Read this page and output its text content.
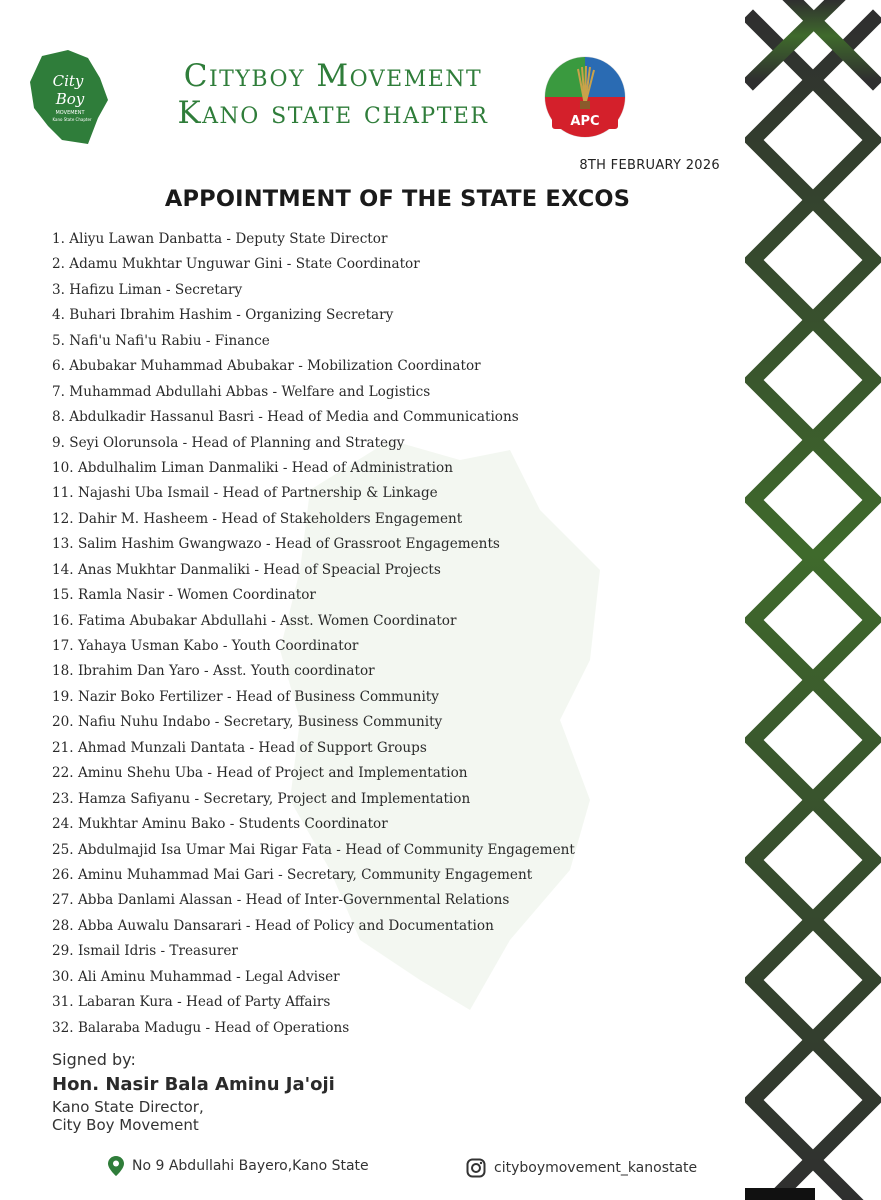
City
Boy
MOVEMENT
Kano State Chapter
Cityboy Movement
Kano state chapter	APC
8TH FEBRUARY 2026
APPOINTMENT OF THE STATE EXCOS
1. Aliyu Lawan Danbatta - Deputy State Director
2. Adamu Mukhtar Unguwar Gini - State Coordinator
3. Hafizu Liman - Secretary
4. Buhari Ibrahim Hashim - Organizing Secretary
5. Nafi'u Nafi'u Rabiu - Finance
6. Abubakar Muhammad Abubakar - Mobilization Coordinator
7. Muhammad Abdullahi Abbas - Welfare and Logistics
8. Abdulkadir Hassanul Basri - Head of Media and Communications
9. Seyi Olorunsola - Head of Planning and Strategy
10. Abdulhalim Liman Danmaliki - Head of Administration
11. Najashi Uba Ismail - Head of Partnership & Linkage
12. Dahir M. Hasheem - Head of Stakeholders Engagement
13. Salim Hashim Gwangwazo - Head of Grassroot Engagements
14. Anas Mukhtar Danmaliki - Head of Speacial Projects
15. Ramla Nasir - Women Coordinator
16. Fatima Abubakar Abdullahi - Asst. Women Coordinator
17. Yahaya Usman Kabo - Youth Coordinator
18. Ibrahim Dan Yaro - Asst. Youth coordinator
19. Nazir Boko Fertilizer - Head of Business Community
20. Nafiu Nuhu Indabo - Secretary, Business Community
21. Ahmad Munzali Dantata - Head of Support Groups
22. Aminu Shehu Uba - Head of Project and Implementation
23. Hamza Safiyanu - Secretary, Project and Implementation
24. Mukhtar Aminu Bako - Students Coordinator
25. Abdulmajid Isa Umar Mai Rigar Fata - Head of Community Engagement
26. Aminu Muhammad Mai Gari - Secretary, Community Engagement
27. Abba Danlami Alassan - Head of Inter-Governmental Relations
28. Abba Auwalu Dansarari - Head of Policy and Documentation
29. Ismail Idris - Treasurer
30. Ali Aminu Muhammad - Legal Adviser
31. Labaran Kura - Head of Party Affairs
32. Balaraba Madugu - Head of Operations
Signed by:
Hon. Nasir Bala Aminu Ja'oji
Kano State Director,
City Boy Movement
No 9 Abdullahi Bayero,Kano State	cityboymovement_kanostate
